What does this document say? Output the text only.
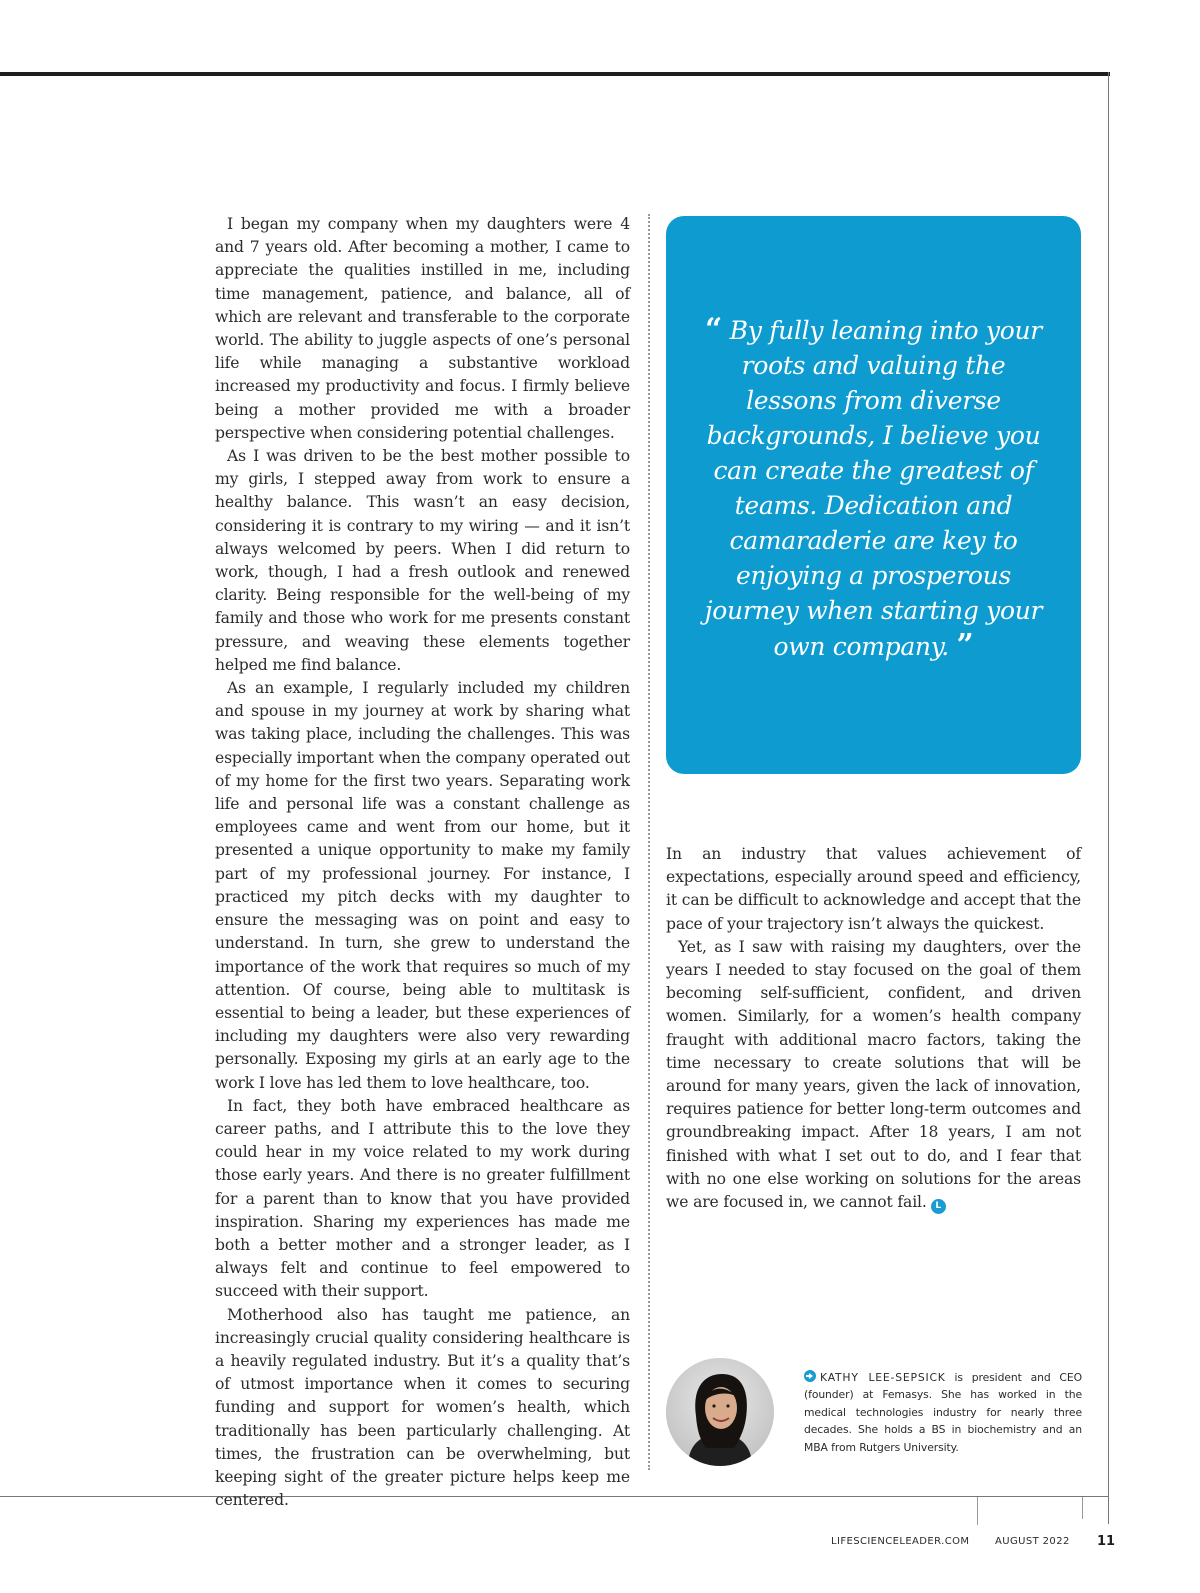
I began my company when my daughters were 4 and 7 years old. After becoming a mother, I came to appreciate the qualities instilled in me, including time management, patience, and balance, all of which are relevant and transferable to the corporate world. The ability to juggle aspects of one’s personal life while managing a substantive workload increased my productivity and focus. I firmly believe being a mother provided me with a broader perspective when considering potential challenges.

As I was driven to be the best mother possible to my girls, I stepped away from work to ensure a healthy balance. This wasn’t an easy decision, considering it is contrary to my wiring — and it isn’t always welcomed by peers. When I did return to work, though, I had a fresh outlook and renewed clarity. Being responsible for the well-being of my family and those who work for me presents constant pressure, and weaving these elements together helped me find balance.

As an example, I regularly included my children and spouse in my journey at work by sharing what was taking place, including the challenges. This was especially important when the company operated out of my home for the first two years. Separating work life and personal life was a constant challenge as employees came and went from our home, but it presented a unique opportunity to make my family part of my professional journey. For instance, I practiced my pitch decks with my daughter to ensure the messaging was on point and easy to understand. In turn, she grew to understand the importance of the work that requires so much of my attention. Of course, being able to multitask is essential to being a leader, but these experiences of including my daughters were also very rewarding personally. Exposing my girls at an early age to the work I love has led them to love healthcare, too.

In fact, they both have embraced healthcare as career paths, and I attribute this to the love they could hear in my voice related to my work during those early years. And there is no greater fulfillment for a parent than to know that you have provided inspiration. Sharing my experiences has made me both a better mother and a stronger leader, as I always felt and continue to feel empowered to succeed with their support.

Motherhood also has taught me patience, an increasingly crucial quality considering healthcare is a heavily regulated industry. But it’s a quality that’s of utmost importance when it comes to securing funding and support for women’s health, which traditionally has been particularly challenging. At times, the frustration can be overwhelming, but keeping sight of the greater picture helps keep me centered.

“ By fully leaning into your roots and valuing the lessons from diverse backgrounds, I believe you can create the greatest of teams. Dedication and camaraderie are key to enjoying a prosperous journey when starting your own company. ”

In an industry that values achievement of expectations, especially around speed and efficiency, it can be difficult to acknowledge and accept that the pace of your trajectory isn’t always the quickest.

Yet, as I saw with raising my daughters, over the years I needed to stay focused on the goal of them becoming self-sufficient, confident, and driven women. Similarly, for a women’s health company fraught with additional macro factors, taking the time necessary to create solutions that will be around for many years, given the lack of innovation, requires patience for better long-term outcomes and groundbreaking impact. After 18 years, I am not finished with what I set out to do, and I fear that with no one else working on solutions for the areas we are focused in, we cannot fail. L

KATHY LEE-SEPSICK is president and CEO (founder) at Femasys. She has worked in the medical technologies industry for nearly three decades. She holds a BS in biochemistry and an MBA from Rutgers University.
LIFESCIENCELEADER.COM	AUGUST 2022 11
